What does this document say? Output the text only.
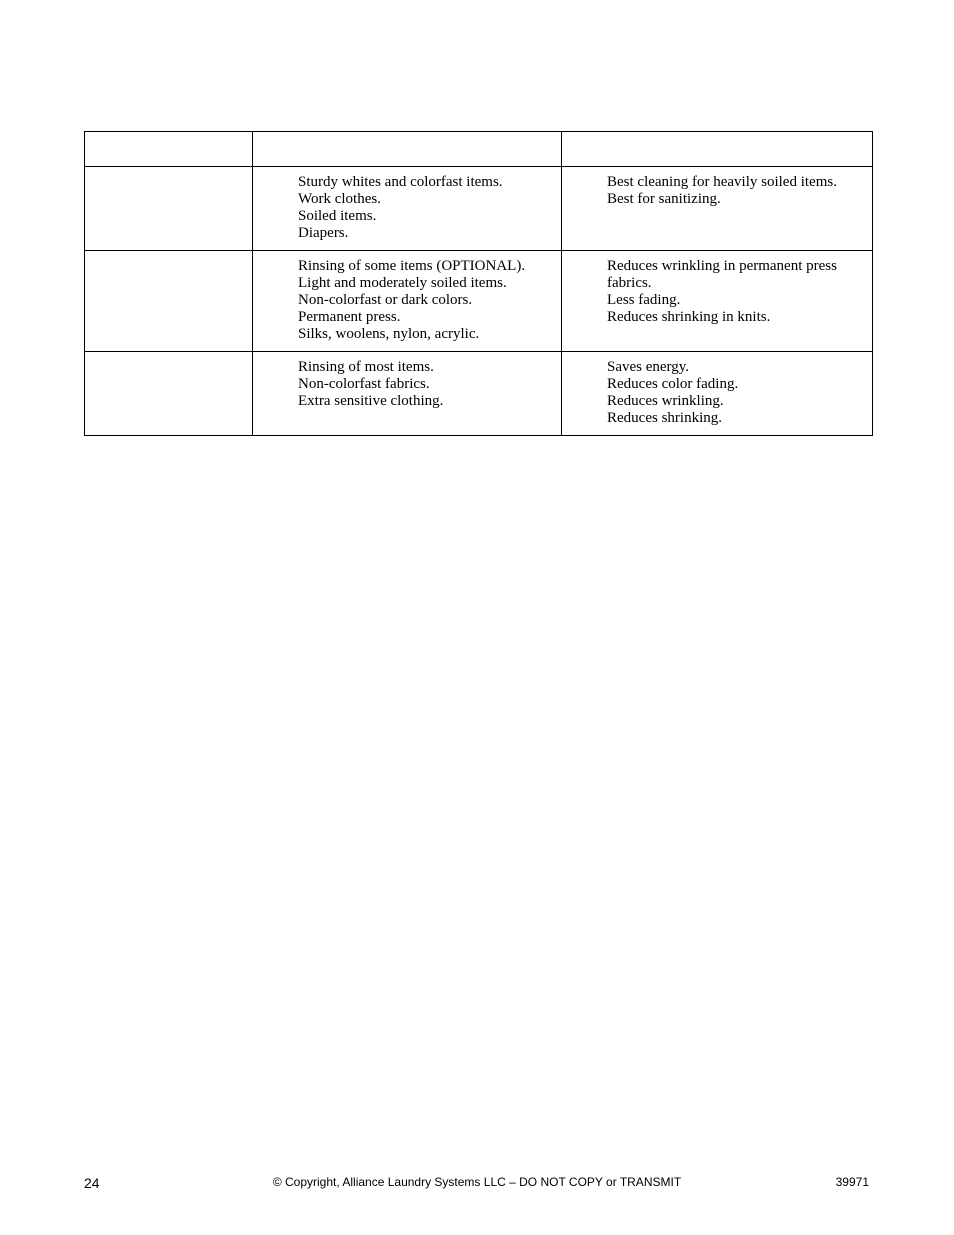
	Sturdy whites and colorfast items.
Work clothes.
Soiled items.
Diapers.	Best cleaning for heavily soiled items.
Best for sanitizing.

	Rinsing of some items (OPTIONAL).
Light and moderately soiled items.
Non-colorfast or dark colors.
Permanent press.
Silks, woolens, nylon, acrylic.	Reduces wrinkling in permanent press fabrics.
Less fading.
Reduces shrinking in knits.

	Rinsing of most items.
Non-colorfast fabrics.
Extra sensitive clothing.	Saves energy.
Reduces color fading.
Reduces wrinkling.
Reduces shrinking.
24	© Copyright, Alliance Laundry Systems LLC – DO NOT COPY or TRANSMIT	39971
